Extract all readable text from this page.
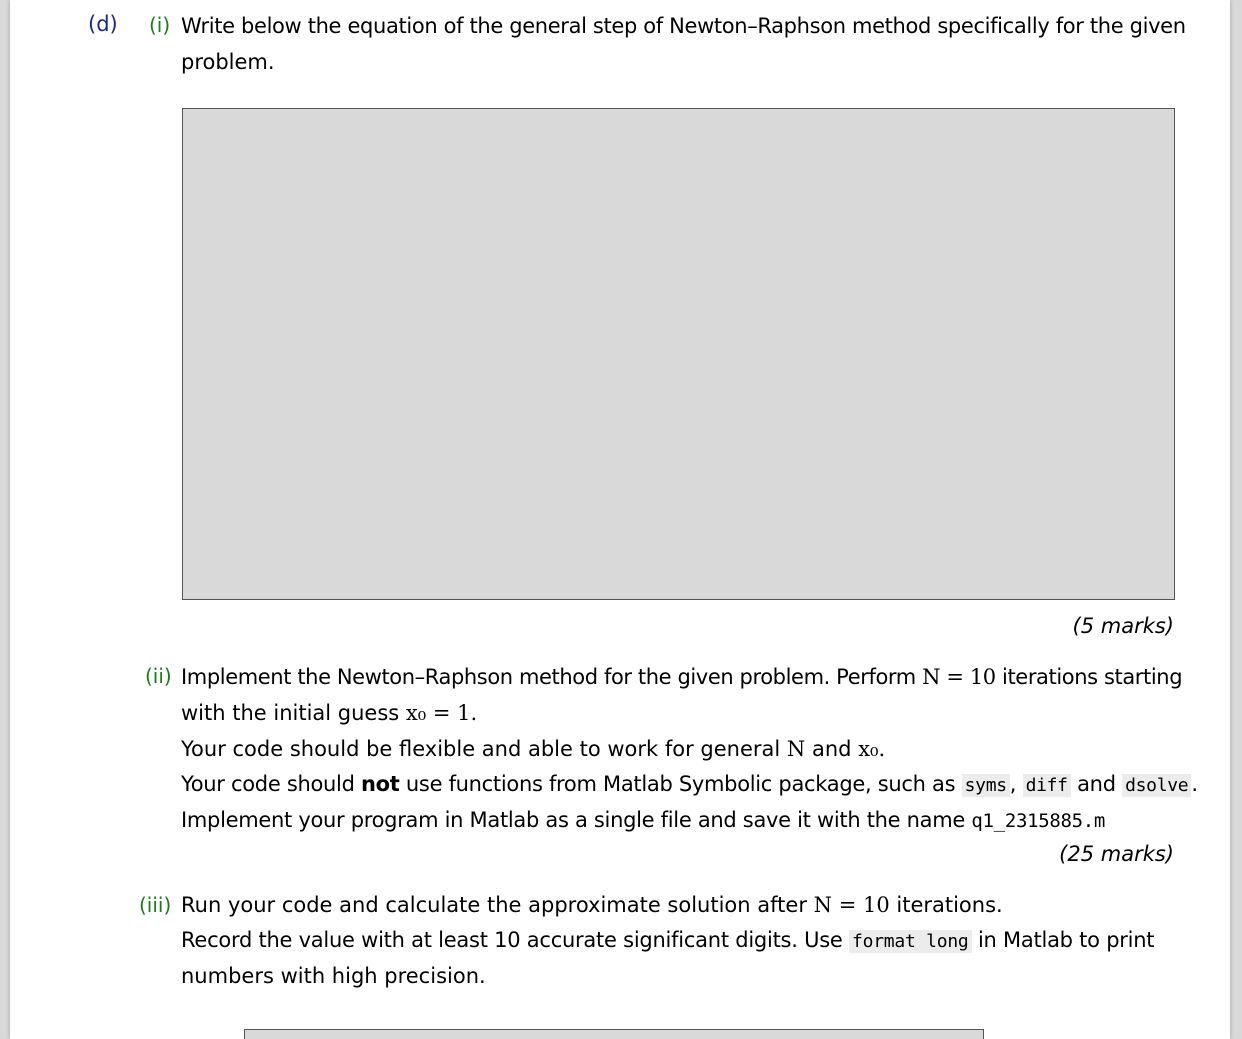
(d) (i) Write below the equation of the general step of Newton–Raphson method specifically for the given
problem.
(5 marks)
(ii) Implement the Newton–Raphson method for the given problem. Perform N = 10 iterations starting
with the initial guess x₀ = 1.
Your code should be flexible and able to work for general N and x₀.
Your code should not use functions from Matlab Symbolic package, such as syms , diff and dsolve .
Implement your program in Matlab as a single file and save it with the name q1_2315885.m
(25 marks)
(iii) Run your code and calculate the approximate solution after N = 10 iterations.
Record the value with at least 10 accurate significant digits. Use format long in Matlab to print
numbers with high precision.
